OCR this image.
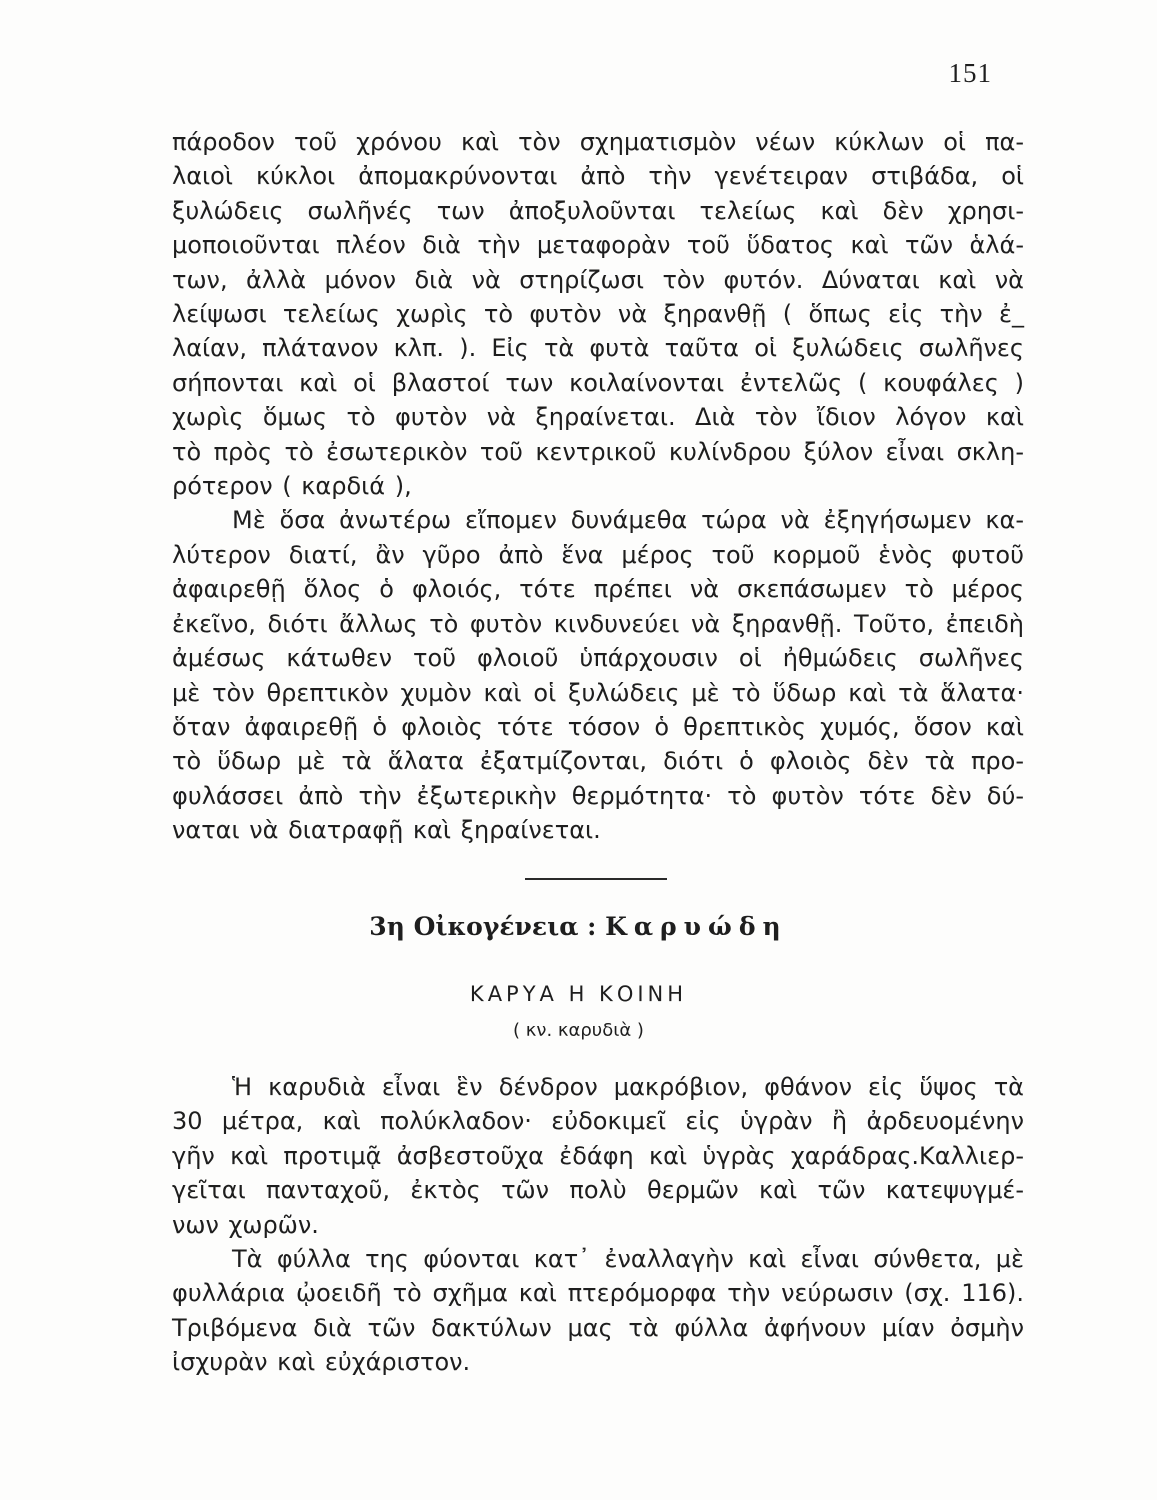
151
πάροδον τοῦ χρόνου καὶ τὸν σχηματισμὸν νέων κύκλων οἱ πα-
λαιοὶ κύκλοι ἀπομακρύνονται ἀπὸ τὴν γενέτειραν στιβάδα, οἱ
ξυλώδεις σωλῆνές των ἀποξυλοῦνται τελείως καὶ δὲν χρησι-
μοποιοῦνται πλέον διὰ τὴν μεταφορὰν τοῦ ὕδατος καὶ τῶν ἁλά-
των, ἀλλὰ μόνον διὰ νὰ στηρίζωσι τὸν φυτόν. Δύναται καὶ νὰ
λείψωσι τελείως χωρὶς τὸ φυτὸν νὰ ξηρανθῇ ( ὅπως εἰς τὴν ἐ_
λαίαν, πλάτανον κλπ. ). Εἰς τὰ φυτὰ ταῦτα οἱ ξυλώδεις σωλῆνες
σήπονται καὶ οἱ βλαστοί των κοιλαίνονται ἐντελῶς ( κουφάλες )
χωρὶς ὅμως τὸ φυτὸν νὰ ξηραίνεται. Διὰ τὸν ἴδιον λόγον καὶ
τὸ πρὸς τὸ ἐσωτερικὸν τοῦ κεντρικοῦ κυλίνδρου ξύλον εἶναι σκλη-
ρότερον ( καρδιά ),
Μὲ ὅσα ἀνωτέρω εἴπομεν δυνάμεθα τώρα νὰ ἐξηγήσωμεν κα-
λύτερον διατί, ἂν γῦρο ἀπὸ ἕνα μέρος τοῦ κορμοῦ ἑνὸς φυτοῦ
ἀφαιρεθῇ ὅλος ὁ φλοιός, τότε πρέπει νὰ σκεπάσωμεν τὸ μέρος
ἐκεῖνο, διότι ἄλλως τὸ φυτὸν κινδυνεύει νὰ ξηρανθῇ. Τοῦτο, ἐπειδὴ
ἀμέσως κάτωθεν τοῦ φλοιοῦ ὑπάρχουσιν οἱ ἠθμώδεις σωλῆνες
μὲ τὸν θρεπτικὸν χυμὸν καὶ οἱ ξυλώδεις μὲ τὸ ὕδωρ καὶ τὰ ἅλατα·
ὅταν ἀφαιρεθῇ ὁ φλοιὸς τότε τόσον ὁ θρεπτικὸς χυμός, ὅσον καὶ
τὸ ὕδωρ μὲ τὰ ἅλατα ἐξατμίζονται, διότι ὁ φλοιὸς δὲν τὰ προ-
φυλάσσει ἀπὸ τὴν ἐξωτερικὴν θερμότητα· τὸ φυτὸν τότε δὲν δύ-
ναται νὰ διατραφῇ καὶ ξηραίνεται.
3η Οἰκογένεια : Καρυώδη
ΚΑΡΥΑ Η ΚΟΙΝΗ
( κν. καρυδιὰ )
Ἡ καρυδιὰ εἶναι ἓν δένδρον μακρόβιον, φθάνον εἰς ὕψος τὰ
30 μέτρα, καὶ πολύκλαδον· εὐδοκιμεῖ εἰς ὑγρὰν ἢ ἀρδευομένην
γῆν καὶ προτιμᾷ ἀσβεστοῦχα ἐδάφη καὶ ὑγρὰς χαράδρας.Καλλιερ-
γεῖται πανταχοῦ, ἐκτὸς τῶν πολὺ θερμῶν καὶ τῶν κατεψυγμέ-
νων χωρῶν.
Τὰ φύλλα της φύονται κατ᾽ ἐναλλαγὴν καὶ εἶναι σύνθετα, μὲ
φυλλάρια ᾠοειδῆ τὸ σχῆμα καὶ πτερόμορφα τὴν νεύρωσιν (σχ. 116).
Τριβόμενα διὰ τῶν δακτύλων μας τὰ φύλλα ἀφήνουν μίαν ὀσμὴν
ἰσχυρὰν καὶ εὐχάριστον.
